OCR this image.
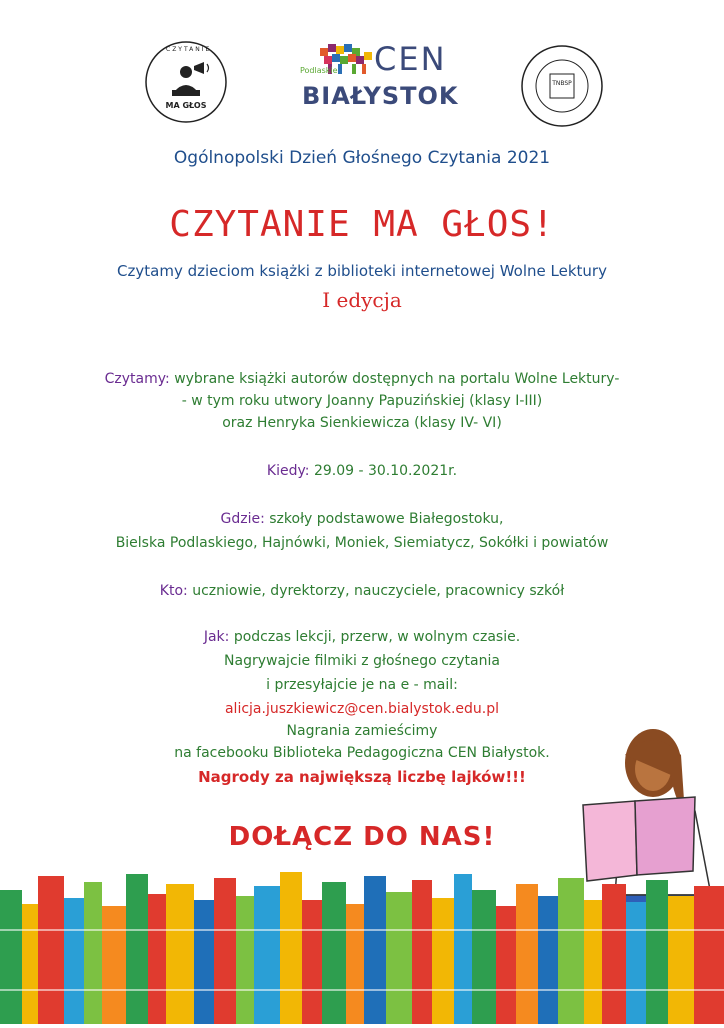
CZYTANIE
MA GŁOS
Podlaskie CEN
BIAŁYSTOK	TNBSP
Ogólnopolski Dzień Głośnego Czytania 2021
CZYTANIE MA GŁOS!
Czytamy dzieciom książki z biblioteki internetowej Wolne Lektury
I edycja
Czytamy: wybrane książki autorów dostępnych na portalu Wolne Lektury-
- w tym roku utwory Joanny Papuzińskiej (klasy I-III)
oraz Henryka Sienkiewicza (klasy IV- VI)
Kiedy: 29.09 - 30.10.2021r.
Gdzie: szkoły podstawowe Białegostoku,
Bielska Podlaskiego, Hajnówki, Moniek, Siemiatycz, Sokółki i powiatów
Kto: uczniowie, dyrektorzy, nauczyciele, pracownicy szkół
Jak: podczas lekcji, przerw, w wolnym czasie.
Nagrywajcie filmiki z głośnego czytania
i przesyłajcie je na e - mail:
alicja.juszkiewicz@cen.bialystok.edu.pl
Nagrania zamieścimy
na facebooku Biblioteka Pedagogiczna CEN Białystok.
Nagrody za największą liczbę lajków!!!
DOŁĄCZ DO NAS!
